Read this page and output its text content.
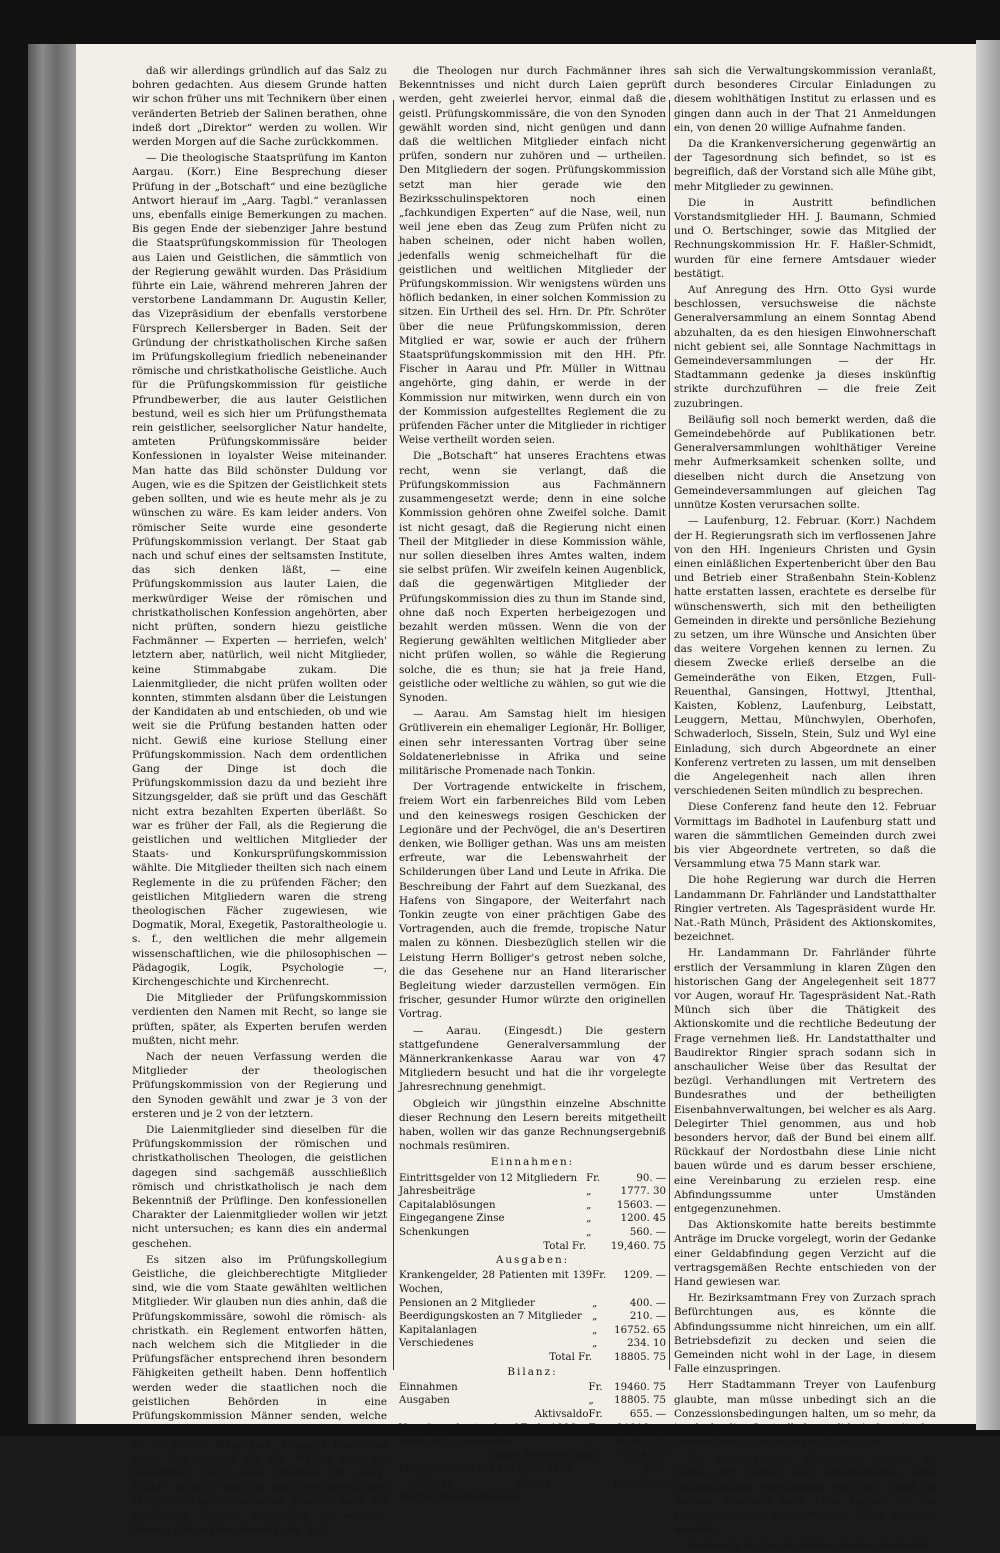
daß wir allerdings gründlich auf das Salz zu bohren gedachten. Aus diesem Grunde hatten wir schon früher uns mit Technikern über einen veränderten Betrieb der Salinen berathen, ohne indeß dort „Direktor“ werden zu wollen. Wir werden Morgen auf die Sache zurückkommen.

— Die theologische Staatsprüfung im Kanton Aargau. (Korr.) Eine Besprechung dieser Prüfung in der „Botschaft“ und eine bezügliche Antwort hierauf im „Aarg. Tagbl.“ veranlassen uns, ebenfalls einige Bemerkungen zu machen. Bis gegen Ende der siebenziger Jahre bestund die Staatsprüfungskommission für Theologen aus Laien und Geistlichen, die sämmtlich von der Regierung gewählt wurden. Das Präsidium führte ein Laie, während mehreren Jahren der verstorbene Landammann Dr. Augustin Keller, das Vizepräsidium der ebenfalls verstorbene Fürsprech Kellersberger in Baden. Seit der Gründung der christkatholischen Kirche saßen im Prüfungskollegium friedlich nebeneinander römische und christkatholische Geistliche. Auch für die Prüfungskommission für geistliche Pfrundbewerber, die aus lauter Geistlichen bestund, weil es sich hier um Prüfungsthemata rein geistlicher, seelsorglicher Natur handelte, amteten Prüfungskommissäre beider Konfessionen in loyalster Weise miteinander. Man hatte das Bild schönster Duldung vor Augen, wie es die Spitzen der Geistlichkeit stets geben sollten, und wie es heute mehr als je zu wünschen zu wäre. Es kam leider anders. Von römischer Seite wurde eine gesonderte Prüfungskommission verlangt. Der Staat gab nach und schuf eines der seltsamsten Institute, das sich denken läßt, — eine Prüfungskommission aus lauter Laien, die merkwürdiger Weise der römischen und christkatholischen Konfession angehörten, aber nicht prüften, sondern hiezu geistliche Fachmänner — Experten — herriefen, welch' letztern aber, natürlich, weil nicht Mitglieder, keine Stimmabgabe zukam. Die Laienmitglieder, die nicht prüfen wollten oder konnten, stimmten alsdann über die Leistungen der Kandidaten ab und entschieden, ob und wie weit sie die Prüfung bestanden hatten oder nicht. Gewiß eine kuriose Stellung einer Prüfungskommission. Nach dem ordentlichen Gang der Dinge ist doch die Prüfungskommission dazu da und bezieht ihre Sitzungsgelder, daß sie prüft und das Geschäft nicht extra bezahlten Experten überläßt. So war es früher der Fall, als die Regierung die geistlichen und weltlichen Mitglieder der Staats- und Konkursprüfungskommission wählte. Die Mitglieder theilten sich nach einem Reglemente in die zu prüfenden Fächer; den geistlichen Mitgliedern waren die streng theologischen Fächer zugewiesen, wie Dogmatik, Moral, Exegetik, Pastoraltheologie u. s. f., den weltlichen die mehr allgemein wissenschaftlichen, wie die philosophischen — Pädagogik, Logik, Psychologie —, Kirchengeschichte und Kirchenrecht.

Die Mitglieder der Prüfungskommission verdienten den Namen mit Recht, so lange sie prüften, später, als Experten berufen werden mußten, nicht mehr.

Nach der neuen Verfassung werden die Mitglieder der theologischen Prüfungskommission von der Regierung und den Synoden gewählt und zwar je 3 von der ersteren und je 2 von der letztern.

Die Laienmitglieder sind dieselben für die Prüfungskommission der römischen und christkatholischen Theologen, die geistlichen dagegen sind sachgemäß ausschließlich römisch und christkatholisch je nach dem Bekenntniß der Prüflinge. Den konfessionellen Charakter der Laienmitglieder wollen wir jetzt nicht untersuchen; es kann dies ein andermal geschehen.

Es sitzen also im Prüfungskollegium Geistliche, die gleichberechtigte Mitglieder sind, wie die vom Staate gewählten weltlichen Mitglieder. Wir glauben nun dies anhin, daß die Prüfungskommissäre, sowohl die römisch- als christkath. ein Reglement entworfen hätten, nach welchem sich die Mitglieder in die Prüfungsfächer entsprechend ihren besondern Fähigkeiten getheilt haben. Denn hoffentlich werden weder die staatlichen noch die geistlichen Behörden in eine Prüfungskommission Männer senden, welche ihres Amtes nicht voll und ganz zu walten, das ist zu prüfen fähig sind. Unseres Erachtens wäre dies traurig für die Wähler und die Gewählten. Nach einer Meldung im „Aarg. Tagbl.“ scheint aber zu den zwei geistlichen Mitgliedern der Kommission jeweilen noch ein geistlicher Experte zugezogen zu werden. Daraus und aus der Bemerkung, daß

die Theologen nur durch Fachmänner ihres Bekenntnisses und nicht durch Laien geprüft werden, geht zweierlei hervor, einmal daß die geistl. Prüfungskommissäre, die von den Synoden gewählt worden sind, nicht genügen und dann daß die weltlichen Mitglieder einfach nicht prüfen, sondern nur zuhören und — urtheilen. Den Mitgliedern der sogen. Prüfungskommission setzt man hier gerade wie den Bezirksschulinspektoren noch einen „fachkundigen Experten“ auf die Nase, weil, nun weil jene eben das Zeug zum Prüfen nicht zu haben scheinen, oder nicht haben wollen, jedenfalls wenig schmeichelhaft für die geistlichen und weltlichen Mitglieder der Prüfungskommission. Wir wenigstens würden uns höflich bedanken, in einer solchen Kommission zu sitzen. Ein Urtheil des sel. Hrn. Dr. Pfr. Schröter über die neue Prüfungskommission, deren Mitglied er war, sowie er auch der frühern Staatsprüfungskommission mit den HH. Pfr. Fischer in Aarau und Pfr. Müller in Wittnau angehörte, ging dahin, er werde in der Kommission nur mitwirken, wenn durch ein von der Kommission aufgestelltes Reglement die zu prüfenden Fächer unter die Mitglieder in richtiger Weise vertheilt worden seien.

Die „Botschaft“ hat unseres Erachtens etwas recht, wenn sie verlangt, daß die Prüfungskommission aus Fachmännern zusammengesetzt werde; denn in eine solche Kommission gehören ohne Zweifel solche. Damit ist nicht gesagt, daß die Regierung nicht einen Theil der Mitglieder in diese Kommission wähle, nur sollen dieselben ihres Amtes walten, indem sie selbst prüfen. Wir zweifeln keinen Augenblick, daß die gegenwärtigen Mitglieder der Prüfungskommission dies zu thun im Stande sind, ohne daß noch Experten herbeigezogen und bezahlt werden müssen. Wenn die von der Regierung gewählten weltlichen Mitglieder aber nicht prüfen wollen, so wähle die Regierung solche, die es thun; sie hat ja freie Hand, geistliche oder weltliche zu wählen, so gut wie die Synoden.

— Aarau. Am Samstag hielt im hiesigen Grütliverein ein ehemaliger Legionär, Hr. Bolliger, einen sehr interessanten Vortrag über seine Soldatenerlebnisse in Afrika und seine militärische Promenade nach Tonkin.

Der Vortragende entwickelte in frischem, freiem Wort ein farbenreiches Bild vom Leben und den keineswegs rosigen Geschicken der Legionäre und der Pechvögel, die an's Desertiren denken, wie Bolliger gethan. Was uns am meisten erfreute, war die Lebenswahrheit der Schilderungen über Land und Leute in Afrika. Die Beschreibung der Fahrt auf dem Suezkanal, des Hafens von Singapore, der Weiterfahrt nach Tonkin zeugte von einer prächtigen Gabe des Vortragenden, auch die fremde, tropische Natur malen zu können. Diesbezüglich stellen wir die Leistung Herrn Bolliger's getrost neben solche, die das Gesehene nur an Hand literarischer Begleitung wieder darzustellen vermögen. Ein frischer, gesunder Humor würzte den originellen Vortrag.

— Aarau. (Eingesdt.) Die gestern stattgefundene Generalversammlung der Männerkrankenkasse Aarau war von 47 Mitgliedern besucht und hat die ihr vorgelegte Jahresrechnung genehmigt.

Obgleich wir jüngsthin einzelne Abschnitte dieser Rechnung den Lesern bereits mitgetheilt haben, wollen wir das ganze Rechnungsergebniß nochmals resümiren.

Einnahmen:

Eintrittsgelder von 12 Mitgliedern	Fr.	90. —
Jahresbeiträge	„	1777. 30
Capitalablösungen	„	15603. —
Eingegangene Zinse	„	1200. 45
Schenkungen	„	560. —
Total Fr.		19,460. 75

Ausgaben:

Krankengelder, 28 Patienten mit 139 Wochen,	Fr.	1209. —
Pensionen an 2 Mitglieder	„	400. —
Beerdigungskosten an 7 Mitglieder	„	210. —
Kapitalanlagen	„	16752. 65
Verschiedenes	„	234. 10
Total Fr.		18805. 75

Bilanz:

Einnahmen	Fr.	19460. 75
Ausgaben	„	18805. 75
Aktivsaldo	Fr.	655. —
Vermögensbestand auf Ende 1886	Fr.	21918. —
1885 betrug dasselbe	„	20783. 05
Somit Vermehrung	Fr.	1134. 95
Mitgliederbestand auf Ende 1886		220.

Zufolge dieses günstigen Rechnungsabschlusses

sah sich die Verwaltungskommission veranlaßt, durch besonderes Circular Einladungen zu diesem wohlthätigen Institut zu erlassen und es gingen dann auch in der That 21 Anmeldungen ein, von denen 20 willige Aufnahme fanden.

Da die Krankenversicherung gegenwärtig an der Tagesordnung sich befindet, so ist es begreiflich, daß der Vorstand sich alle Mühe gibt, mehr Mitglieder zu gewinnen.

Die in Austritt befindlichen Vorstandsmitglieder HH. J. Baumann, Schmied und O. Bertschinger, sowie das Mitglied der Rechnungskommission Hr. F. Haßler-Schmidt, wurden für eine fernere Amtsdauer wieder bestätigt.

Auf Anregung des Hrn. Otto Gysi wurde beschlossen, versuchsweise die nächste Generalversammlung an einem Sonntag Abend abzuhalten, da es den hiesigen Einwohnerschaft nicht gebient sei, alle Sonntage Nachmittags in Gemeindeversammlungen — der Hr. Stadtammann gedenke ja dieses inskünftig strikte durchzuführen — die freie Zeit zuzubringen.

Beiläufig soll noch bemerkt werden, daß die Gemeindebehörde auf Publikationen betr. Generalversammlungen wohlthätiger Vereine mehr Aufmerksamkeit schenken sollte, und dieselben nicht durch die Ansetzung von Gemeindeversammlungen auf gleichen Tag unnütze Kosten verursachen sollte.

— Laufenburg, 12. Februar. (Korr.) Nachdem der H. Regierungsrath sich im verflossenen Jahre von den HH. Ingenieurs Christen und Gysin einen einläßlichen Expertenbericht über den Bau und Betrieb einer Straßenbahn Stein-Koblenz hatte erstatten lassen, erachtete es derselbe für wünschenswerth, sich mit den betheiligten Gemeinden in direkte und persönliche Beziehung zu setzen, um ihre Wünsche und Ansichten über das weitere Vorgehen kennen zu lernen. Zu diesem Zwecke erließ derselbe an die Gemeinderäthe von Eiken, Etzgen, Full-Reuenthal, Gansingen, Hottwyl, Jttenthal, Kaisten, Koblenz, Laufenburg, Leibstatt, Leuggern, Mettau, Münchwylen, Oberhofen, Schwaderloch, Sisseln, Stein, Sulz und Wyl eine Einladung, sich durch Abgeordnete an einer Konferenz vertreten zu lassen, um mit denselben die Angelegenheit nach allen ihren verschiedenen Seiten mündlich zu besprechen.

Diese Conferenz fand heute den 12. Februar Vormittags im Badhotel in Laufenburg statt und waren die sämmtlichen Gemeinden durch zwei bis vier Abgeordnete vertreten, so daß die Versammlung etwa 75 Mann stark war.

Die hohe Regierung war durch die Herren Landammann Dr. Fahrländer und Landstatthalter Ringier vertreten. Als Tagespräsident wurde Hr. Nat.-Rath Münch, Präsident des Aktionskomites, bezeichnet.

Hr. Landammann Dr. Fahrländer führte erstlich der Versammlung in klaren Zügen den historischen Gang der Angelegenheit seit 1877 vor Augen, worauf Hr. Tagespräsident Nat.-Rath Münch sich über die Thätigkeit des Aktionskomite und die rechtliche Bedeutung der Frage vernehmen ließ. Hr. Landstatthalter und Baudirektor Ringier sprach sodann sich in anschaulicher Weise über das Resultat der bezügl. Verhandlungen mit Vertretern des Bundesrathes und der betheiligten Eisenbahnverwaltungen, bei welcher es als Aarg. Delegirter Thiel genommen, aus und hob besonders hervor, daß der Bund bei einem allf. Rückkauf der Nordostbahn diese Linie nicht bauen würde und es darum besser erschiene, eine Vereinbarung zu erzielen resp. eine Abfindungssumme unter Umständen entgegenzunehmen.

Das Aktionskomite hatte bereits bestimmte Anträge im Drucke vorgelegt, worin der Gedanke einer Geldabfindung gegen Verzicht auf die vertragsgemäßen Rechte entschieden von der Hand gewiesen war.

Hr. Bezirksamtmann Frey von Zurzach sprach Befürchtungen aus, es könnte die Abfindungssumme nicht hinreichen, um ein allf. Betriebsdefizit zu decken und seien die Gemeinden nicht wohl in der Lage, in diesem Falle einzuspringen.

Herr Stadtammann Treyer von Laufenburg glaubte, man müsse unbedingt sich an die Conzessionsbedingungen halten, um so mehr, da ja doch die Centralbahn solidarisch mit der Nordostbahn zum Baue verpflichtet sei.

Hr. Kreisingenieur Bruggisser meinte, es könne der Antrag des Aktionskomite, eine Geldabfindung entschieden von der Hand zu weisen, eventuell auch ohne Gefahr für die Landesinteressen moderirt, resp. fallen gelassen werden.

Nochmals legten die beiden Herren Vertreter
